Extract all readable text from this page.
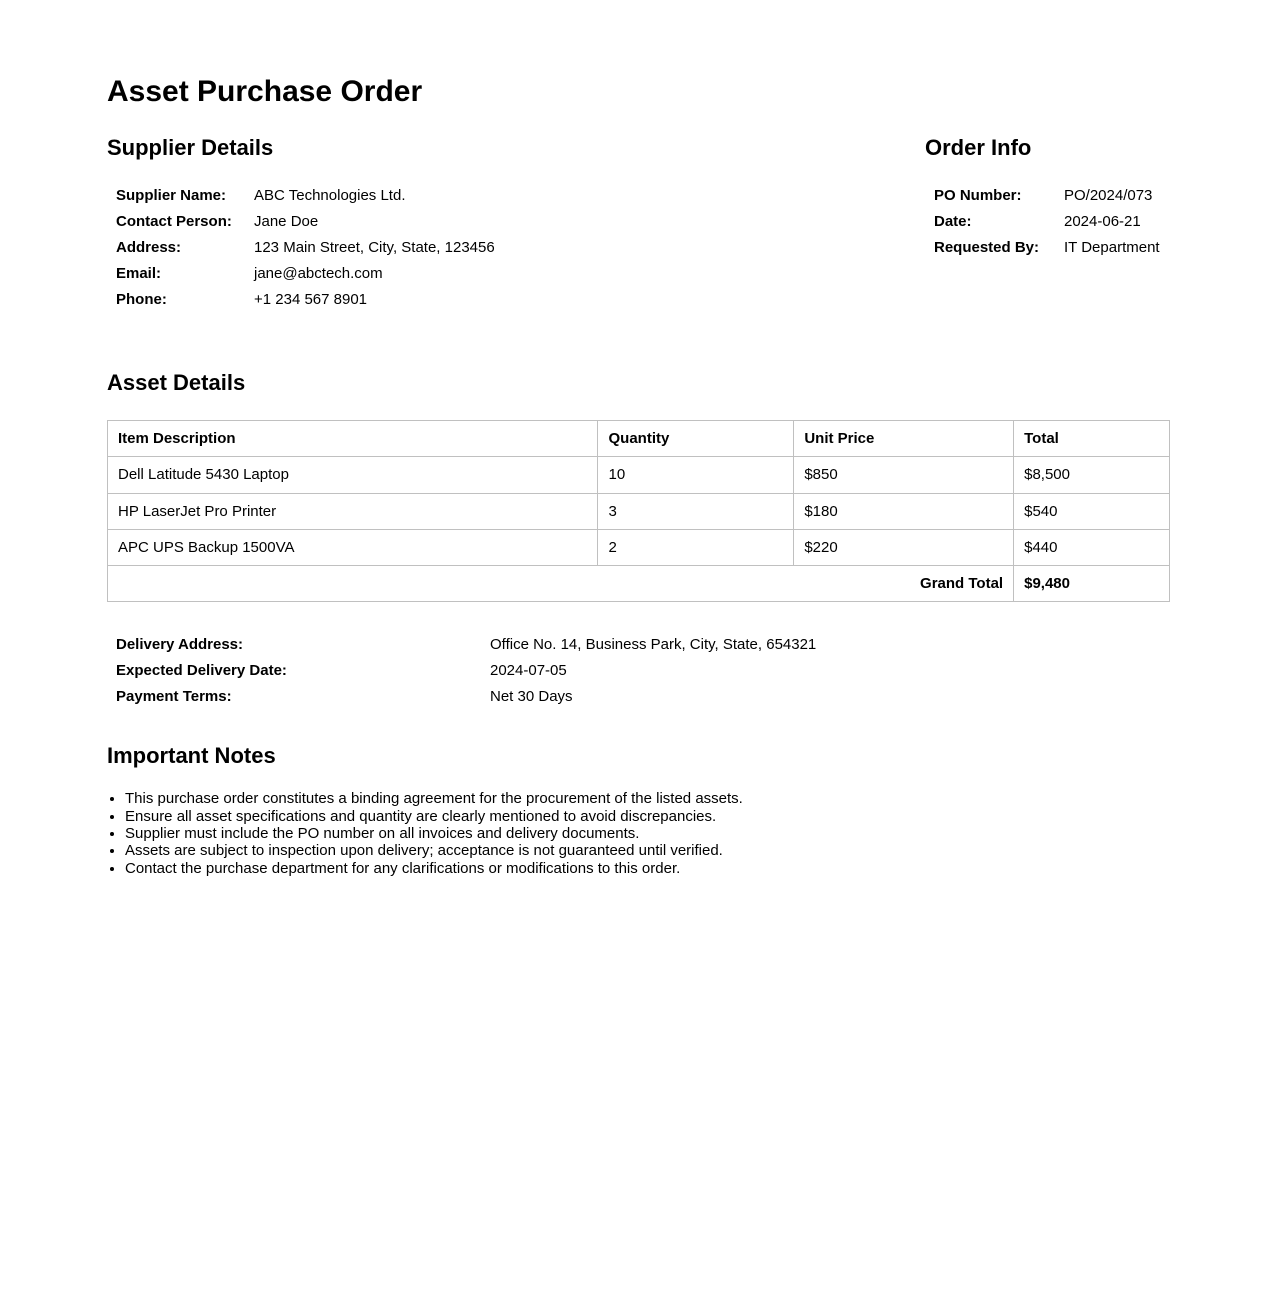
Asset Purchase Order
Supplier Details
Supplier Name:	ABC Technologies Ltd.
Contact Person:	Jane Doe
Address:	123 Main Street, City, State, 123456
Email:	jane@abctech.com
Phone:	+1 234 567 8901
Order Info
PO Number:	PO/2024/073
Date:	2024-06-21
Requested By:	IT Department
Asset Details
Item Description	Quantity	Unit Price	Total
Dell Latitude 5430 Laptop	10	$850	$8,500
HP LaserJet Pro Printer	3	$180	$540
APC UPS Backup 1500VA	2	$220	$440
Grand Total			$9,480
Delivery Address:	Office No. 14, Business Park, City, State, 654321
Expected Delivery Date:	2024-07-05
Payment Terms:	Net 30 Days
Important Notes
• This purchase order constitutes a binding agreement for the procurement of the listed assets.
• Ensure all asset specifications and quantity are clearly mentioned to avoid discrepancies.
• Supplier must include the PO number on all invoices and delivery documents.
• Assets are subject to inspection upon delivery; acceptance is not guaranteed until verified.
• Contact the purchase department for any clarifications or modifications to this order.
